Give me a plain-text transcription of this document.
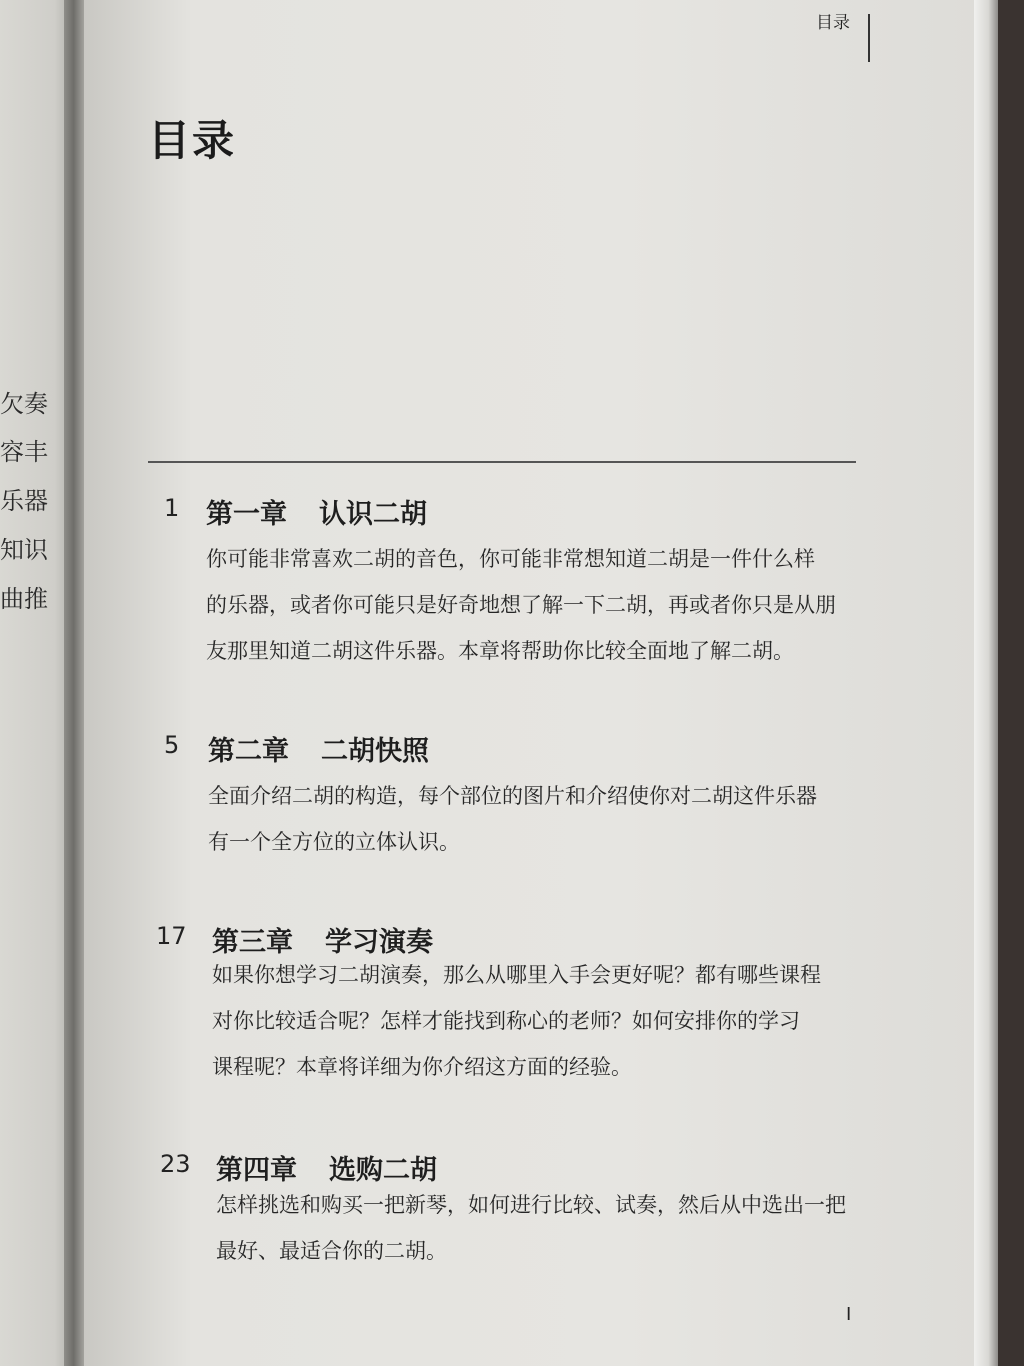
欠奏
容丰
乐器
知识
曲推
目录
目录
1 第一章 认识二胡
你可能非常喜欢二胡的音色，你可能非常想知道二胡是一件什么样
的乐器，或者你可能只是好奇地想了解一下二胡，再或者你只是从朋
友那里知道二胡这件乐器。本章将帮助你比较全面地了解二胡。
5 第二章 二胡快照
全面介绍二胡的构造，每个部位的图片和介绍使你对二胡这件乐器
有一个全方位的立体认识。
17 第三章 学习演奏
如果你想学习二胡演奏，那么从哪里入手会更好呢？都有哪些课程
对你比较适合呢？怎样才能找到称心的老师？如何安排你的学习
课程呢？本章将详细为你介绍这方面的经验。
23 第四章 选购二胡
怎样挑选和购买一把新琴，如何进行比较、试奏，然后从中选出一把
最好、最适合你的二胡。
I
